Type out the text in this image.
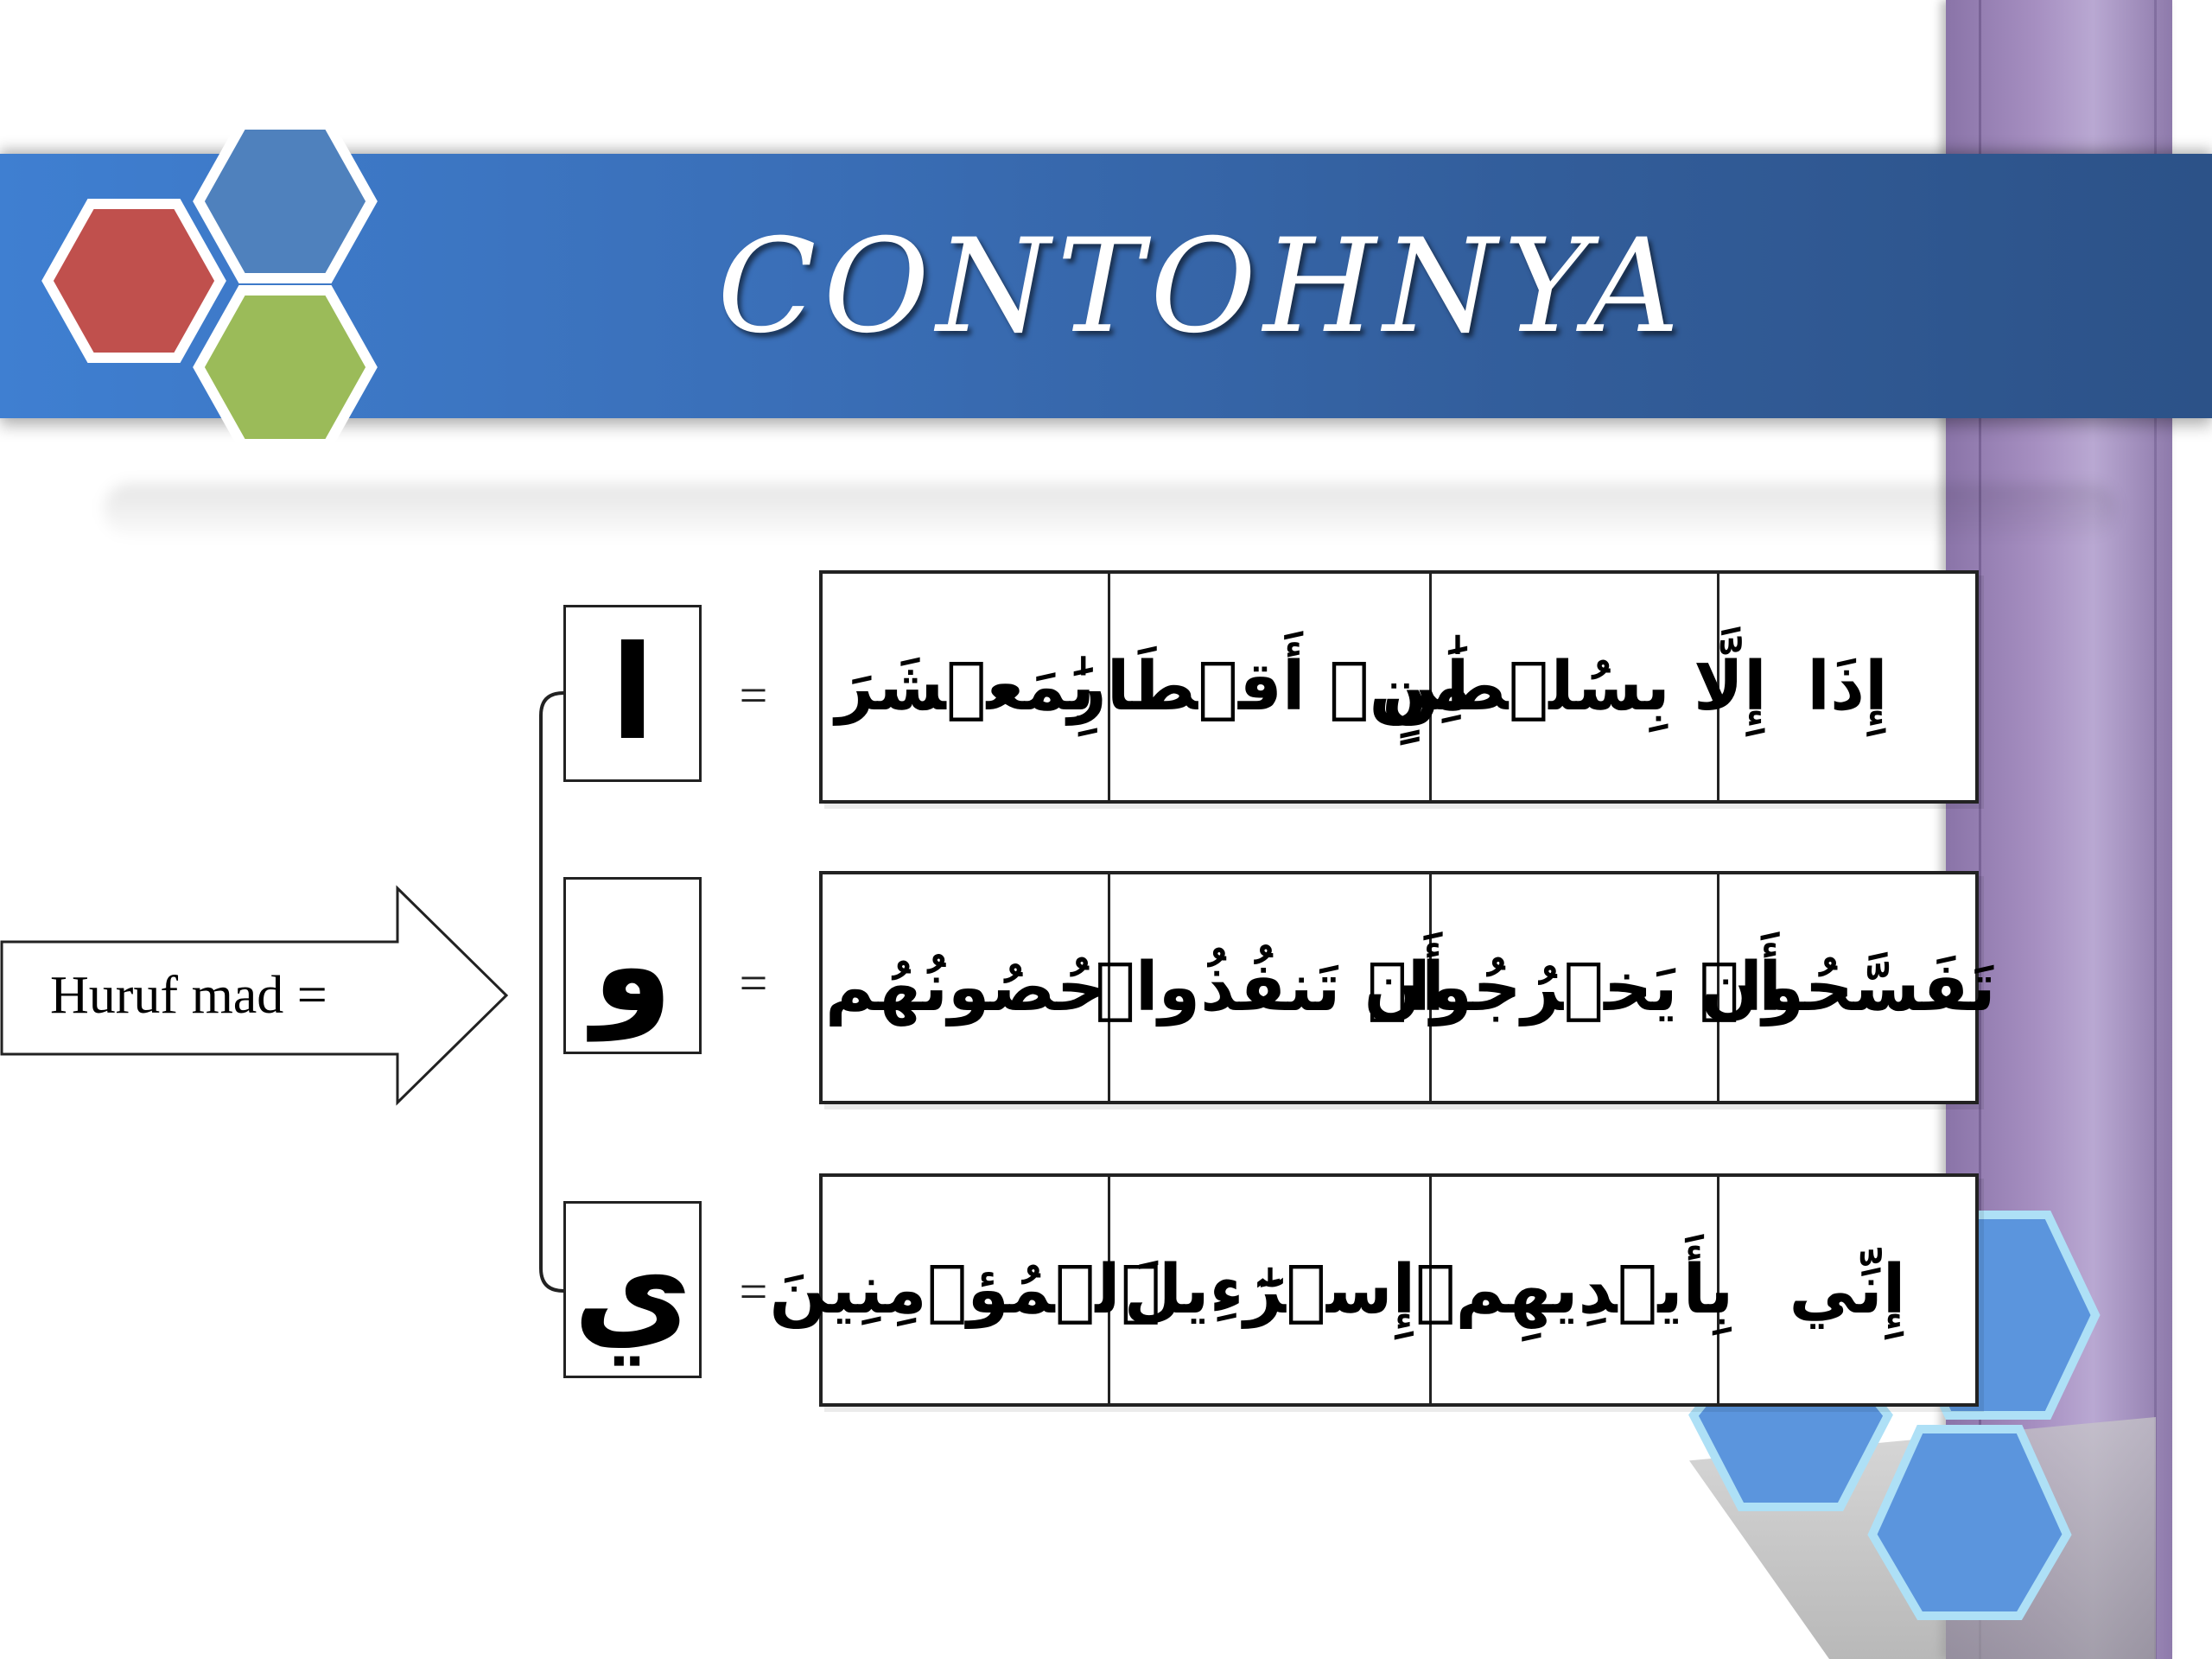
CONTOHNYA
Huruf mad =
ا = يَٰمَعۡشَرَ
مِنۡ أَقۡطَارِ
إِلَّا بِسُلۡطَٰنٍ إِذَا
و = حُصُونُهُم
أَن تَنفُذُوا۟
أَن يَخۡرُجُوا۟
تَفَسَّحُوا۟
ي = ٱلۡمُؤۡمِنِينَ
إِسۡرَٰٓءِيلَ بِأَيۡدِيهِمۡ إِنِّي
